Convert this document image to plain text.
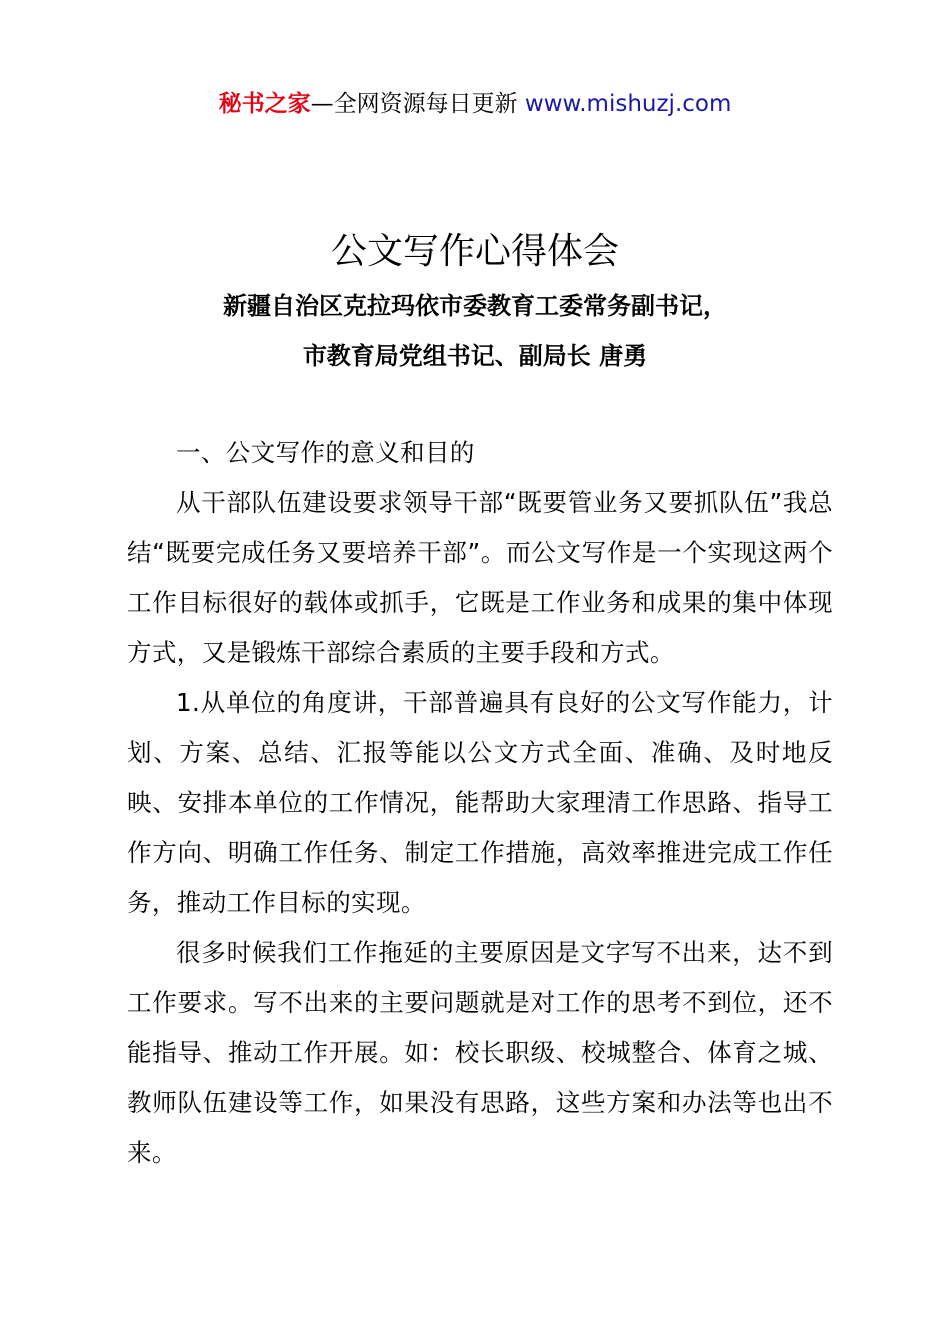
秘书之家—全网资源每日更新 www.mishuzj.com
公文写作心得体会
新疆自治区克拉玛依市委教育工委常务副书记，
市教育局党组书记、副局长 唐勇

一、公文写作的意义和目的

从干部队伍建设要求领导干部“既要管业务又要抓队伍”我总结“既要完成任务又要培养干部”。而公文写作是一个实现这两个工作目标很好的载体或抓手，它既是工作业务和成果的集中体现方式，又是锻炼干部综合素质的主要手段和方式。

1.从单位的角度讲，干部普遍具有良好的公文写作能力，计划、方案、总结、汇报等能以公文方式全面、准确、及时地反映、安排本单位的工作情况，能帮助大家理清工作思路、指导工作方向、明确工作任务、制定工作措施，高效率推进完成工作任务，推动工作目标的实现。

很多时候我们工作拖延的主要原因是文字写不出来，达不到工作要求。写不出来的主要问题就是对工作的思考不到位，还不能指导、推动工作开展。如：校长职级、校城整合、体育之城、教师队伍建设等工作，如果没有思路，这些方案和办法等也出不来。
